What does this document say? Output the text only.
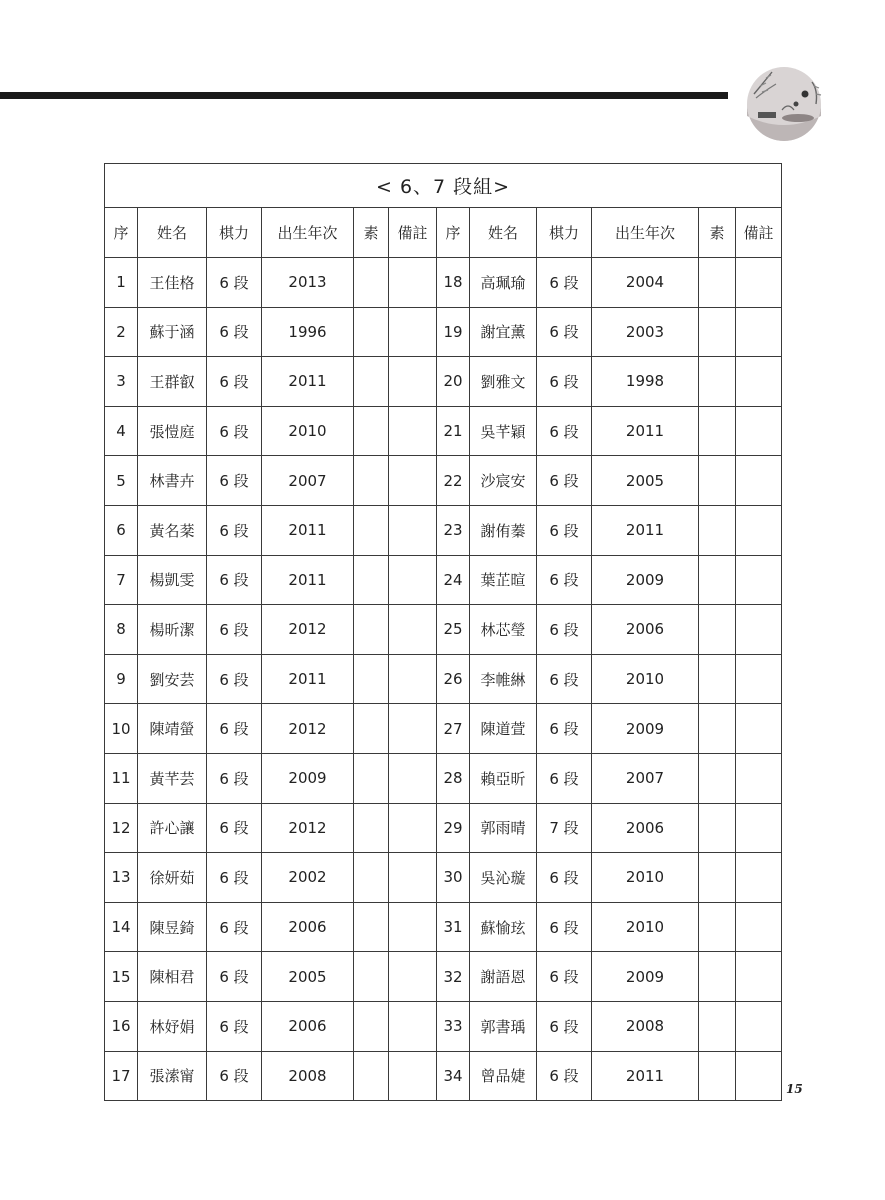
< 6、7 段組>											
序	姓名	棋力	出生年次	素	備註	序	姓名	棋力	出生年次	素	備註
1	王佳格	6 段	2013			18	高珮瑜	6 段	2004		
2	蘇于涵	6 段	1996			19	謝宜薰	6 段	2003		
3	王群叡	6 段	2011			20	劉雅文	6 段	1998		
4	張愷庭	6 段	2010			21	吳芊穎	6 段	2011		
5	林書卉	6 段	2007			22	沙宸安	6 段	2005		
6	黃名棻	6 段	2011			23	謝侑蓁	6 段	2011		
7	楊凱雯	6 段	2011			24	葉芷暄	6 段	2009		
8	楊昕潔	6 段	2012			25	林芯瑩	6 段	2006		
9	劉安芸	6 段	2011			26	李帷綝	6 段	2010		
10	陳靖螢	6 段	2012			27	陳道萱	6 段	2009		
11	黃芊芸	6 段	2009			28	賴亞昕	6 段	2007		
12	許心讓	6 段	2012			29	郭雨晴	7 段	2006		
13	徐妍茹	6 段	2002			30	吳沁璇	6 段	2010		
14	陳昱錡	6 段	2006			31	蘇愉玹	6 段	2010		
15	陳相君	6 段	2005			32	謝語恩	6 段	2009		
16	林妤娟	6 段	2006			33	郭書瑀	6 段	2008		
17	張溹甯	6 段	2008			34	曾品婕	6 段	2011		
15
